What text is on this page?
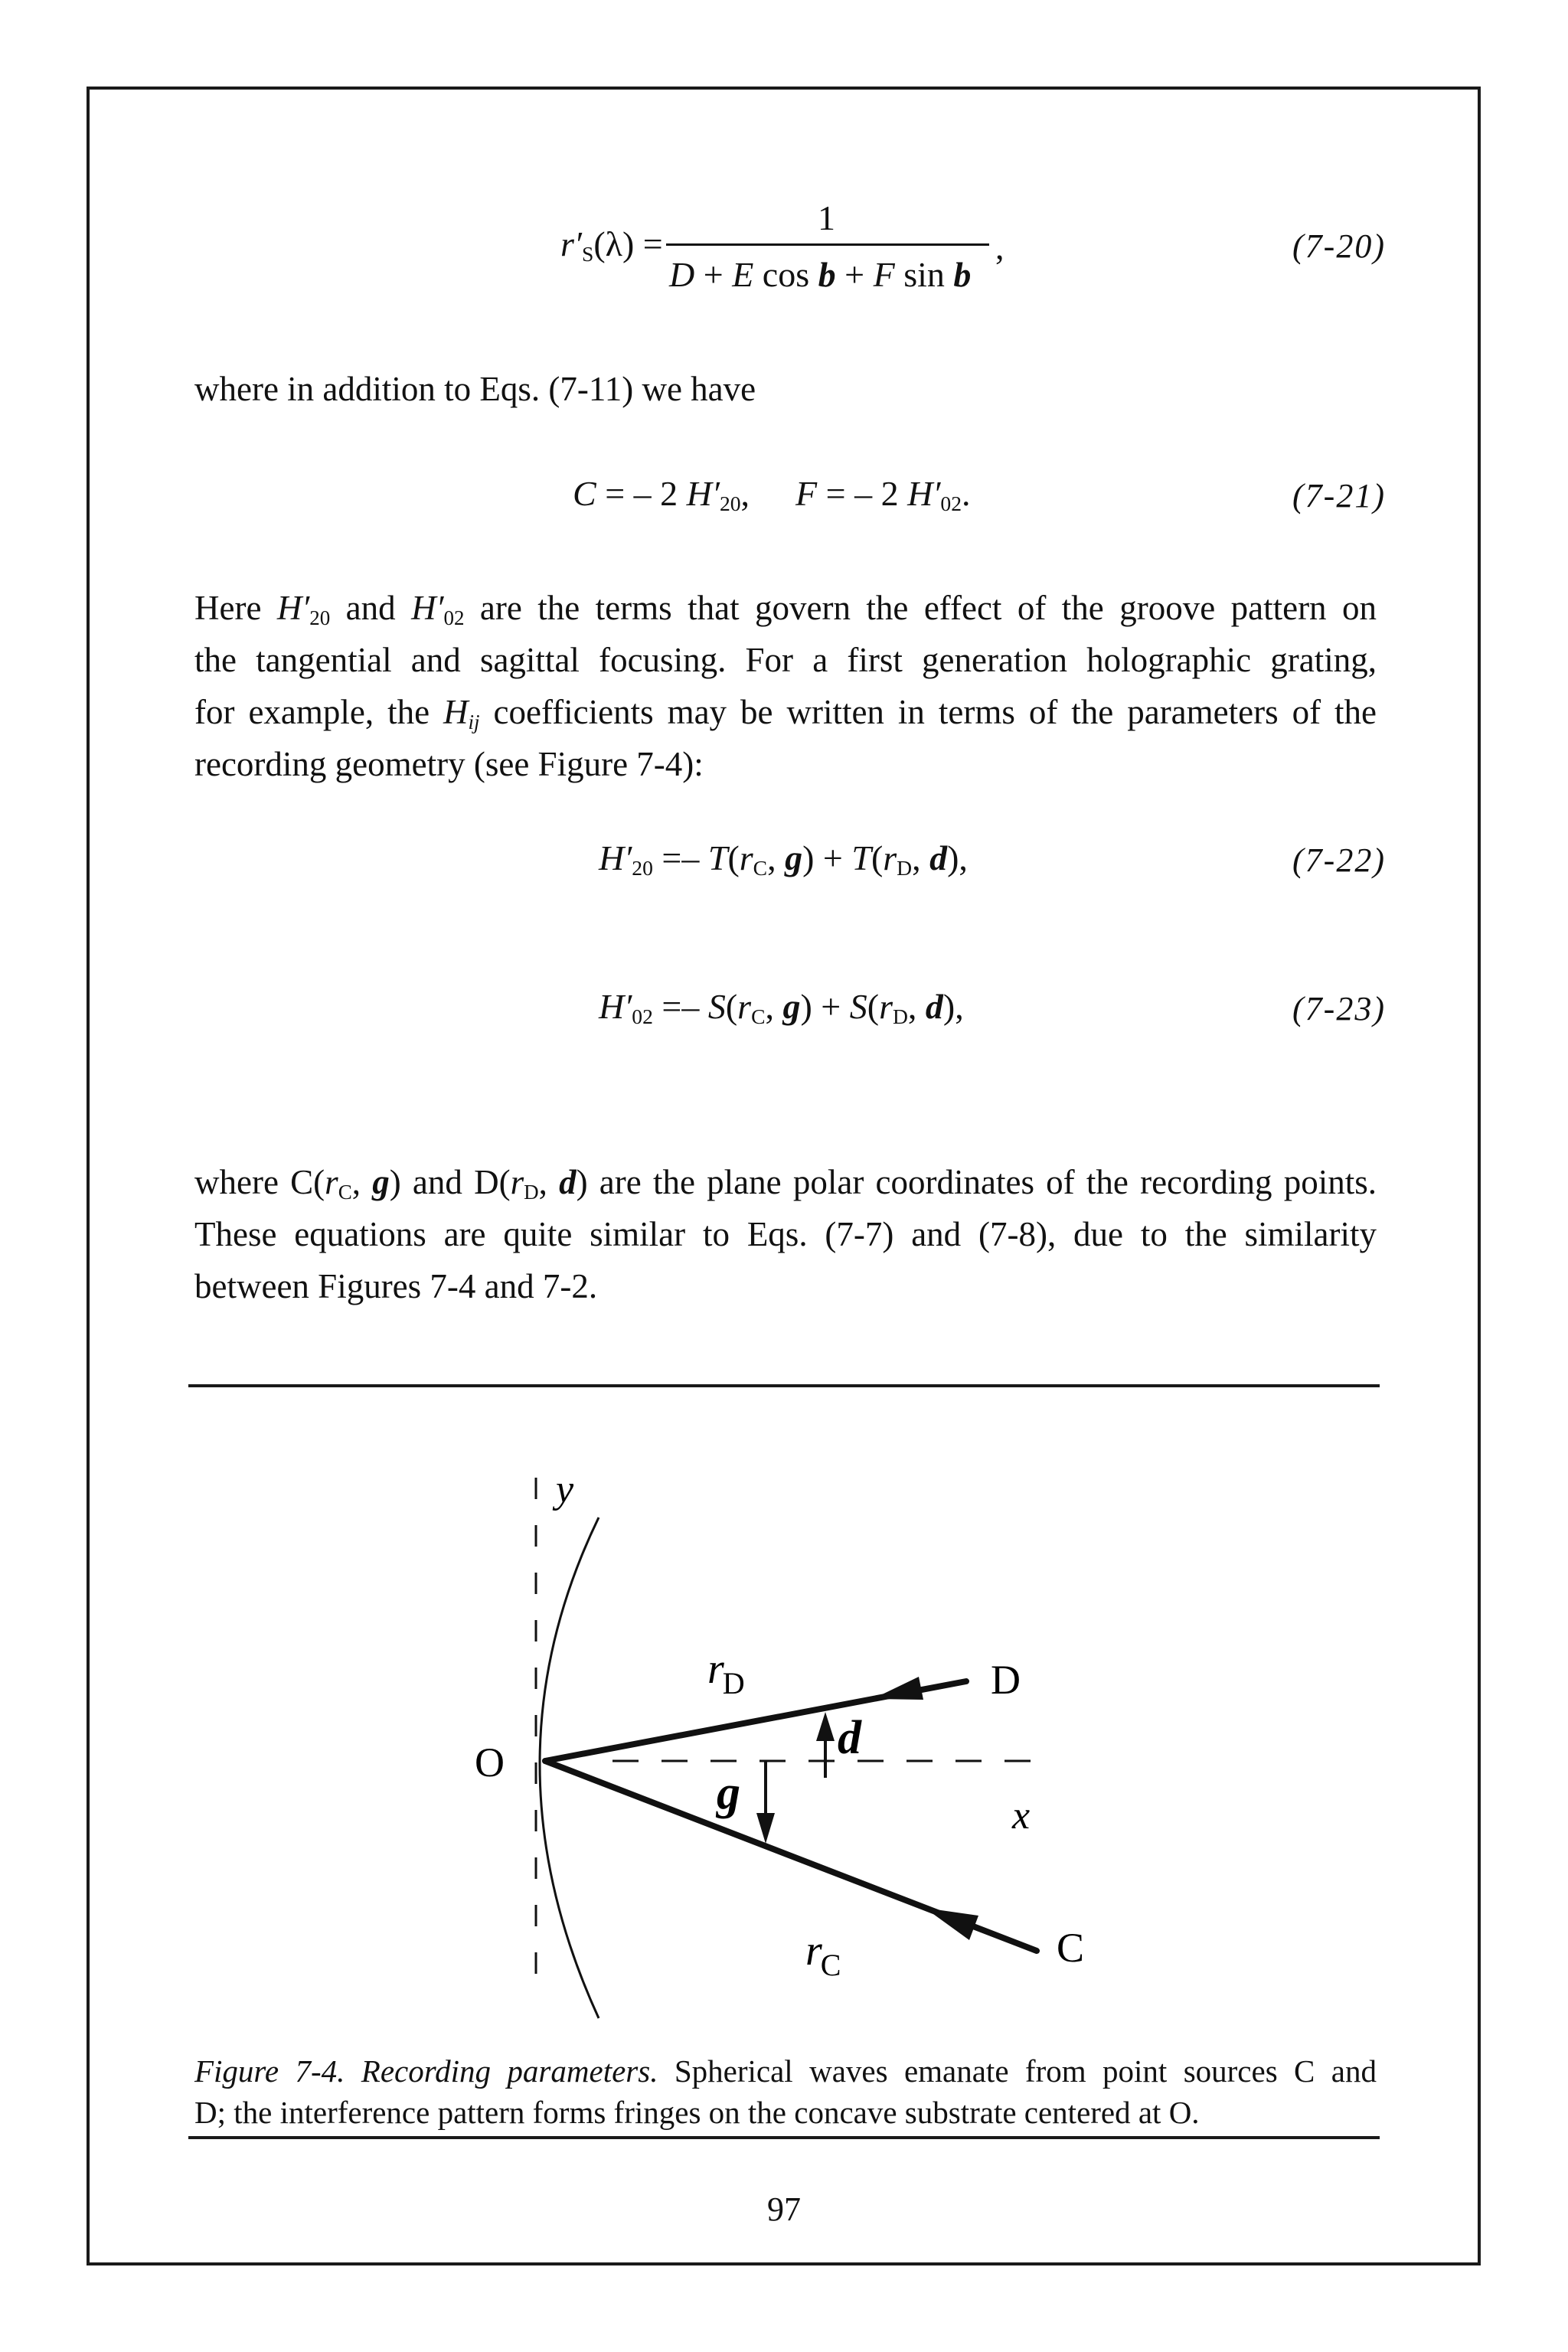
$r'_S(\lambda)$ =
1
D + E cos b + F sin b
,	(7-20)
where in addition to Eqs. (7-11) we have
C = – 2 $H'_{20}$, F = – 2 $H'_{02}$.	(7-21)
Here $H'_{20}$ and $H'_{02}$ are the terms that govern the effect of the groove pattern on
the tangential and sagittal focusing. For a first generation holographic grating,
for example, the $H_{ij}$ coefficients may be written in terms of the parameters of the
recording geometry (see Figure 7-4):
$H'_{20} =- T(r_C$, $g) + T(r_D$, d),	(7-22)
$H'_{02} =- S(r_C$, $g) + S(r_D$, d),	(7-23)
where $C(r_C$, g) and $D(r_D$, d) are the plane polar coordinates of the recording points.
These equations are quite similar to Eqs. (7-7) and (7-8), due to the similarity
between Figures 7-4 and 7-2.
y
x
O
D
C
rD
rC
d
g
Figure 7-4. Recording parameters. Spherical waves emanate from point sources C and
D; the interference pattern forms fringes on the concave substrate centered at O.
97
